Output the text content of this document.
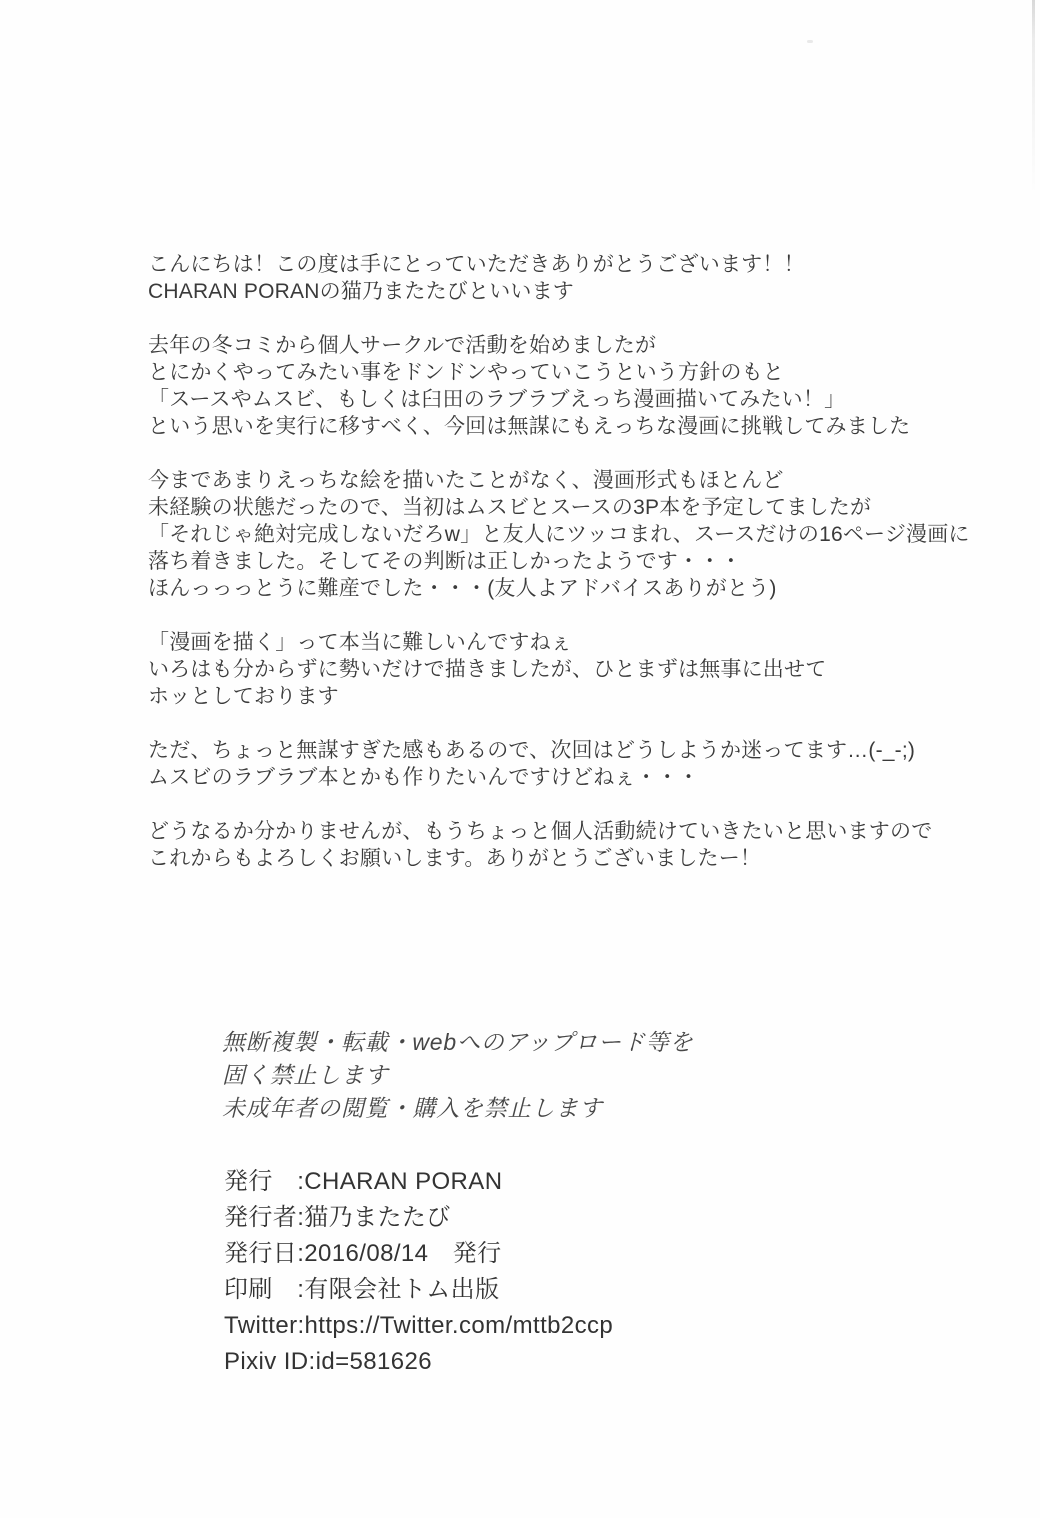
こんにちは！この度は手にとっていただきありがとうございます！！
CHARAN PORANの猫乃またたびといいます
去年の冬コミから個人サークルで活動を始めましたが
とにかくやってみたい事をドンドンやっていこうという方針のもと
「スースやムスビ、もしくは臼田のラブラブえっち漫画描いてみたい！」
という思いを実行に移すべく、今回は無謀にもえっちな漫画に挑戦してみました
今まであまりえっちな絵を描いたことがなく、漫画形式もほとんど
未経験の状態だったので、当初はムスビとスースの3P本を予定してましたが
「それじゃ絶対完成しないだろw」と友人にツッコまれ、スースだけの16ページ漫画に
落ち着きました。そしてその判断は正しかったようです・・・
ほんっっっとうに難産でした・・・(友人よアドバイスありがとう)
「漫画を描く」って本当に難しいんですねぇ
いろはも分からずに勢いだけで描きましたが、ひとまずは無事に出せて
ホッとしております
ただ、ちょっと無謀すぎた感もあるので、次回はどうしようか迷ってます…(-_-;)
ムスビのラブラブ本とかも作りたいんですけどねぇ・・・
どうなるか分かりませんが、もうちょっと個人活動続けていきたいと思いますので
これからもよろしくお願いします。ありがとうございましたー！
無断複製・転載・webへのアップロード等を
固く禁止します
未成年者の閲覧・購入を禁止します
発行　:CHARAN PORAN
発行者:猫乃またたび
発行日:2016/08/14　発行
印刷　:有限会社トム出版
Twitter:https://Twitter.com/mttb2ccp
Pixiv ID:id=581626
